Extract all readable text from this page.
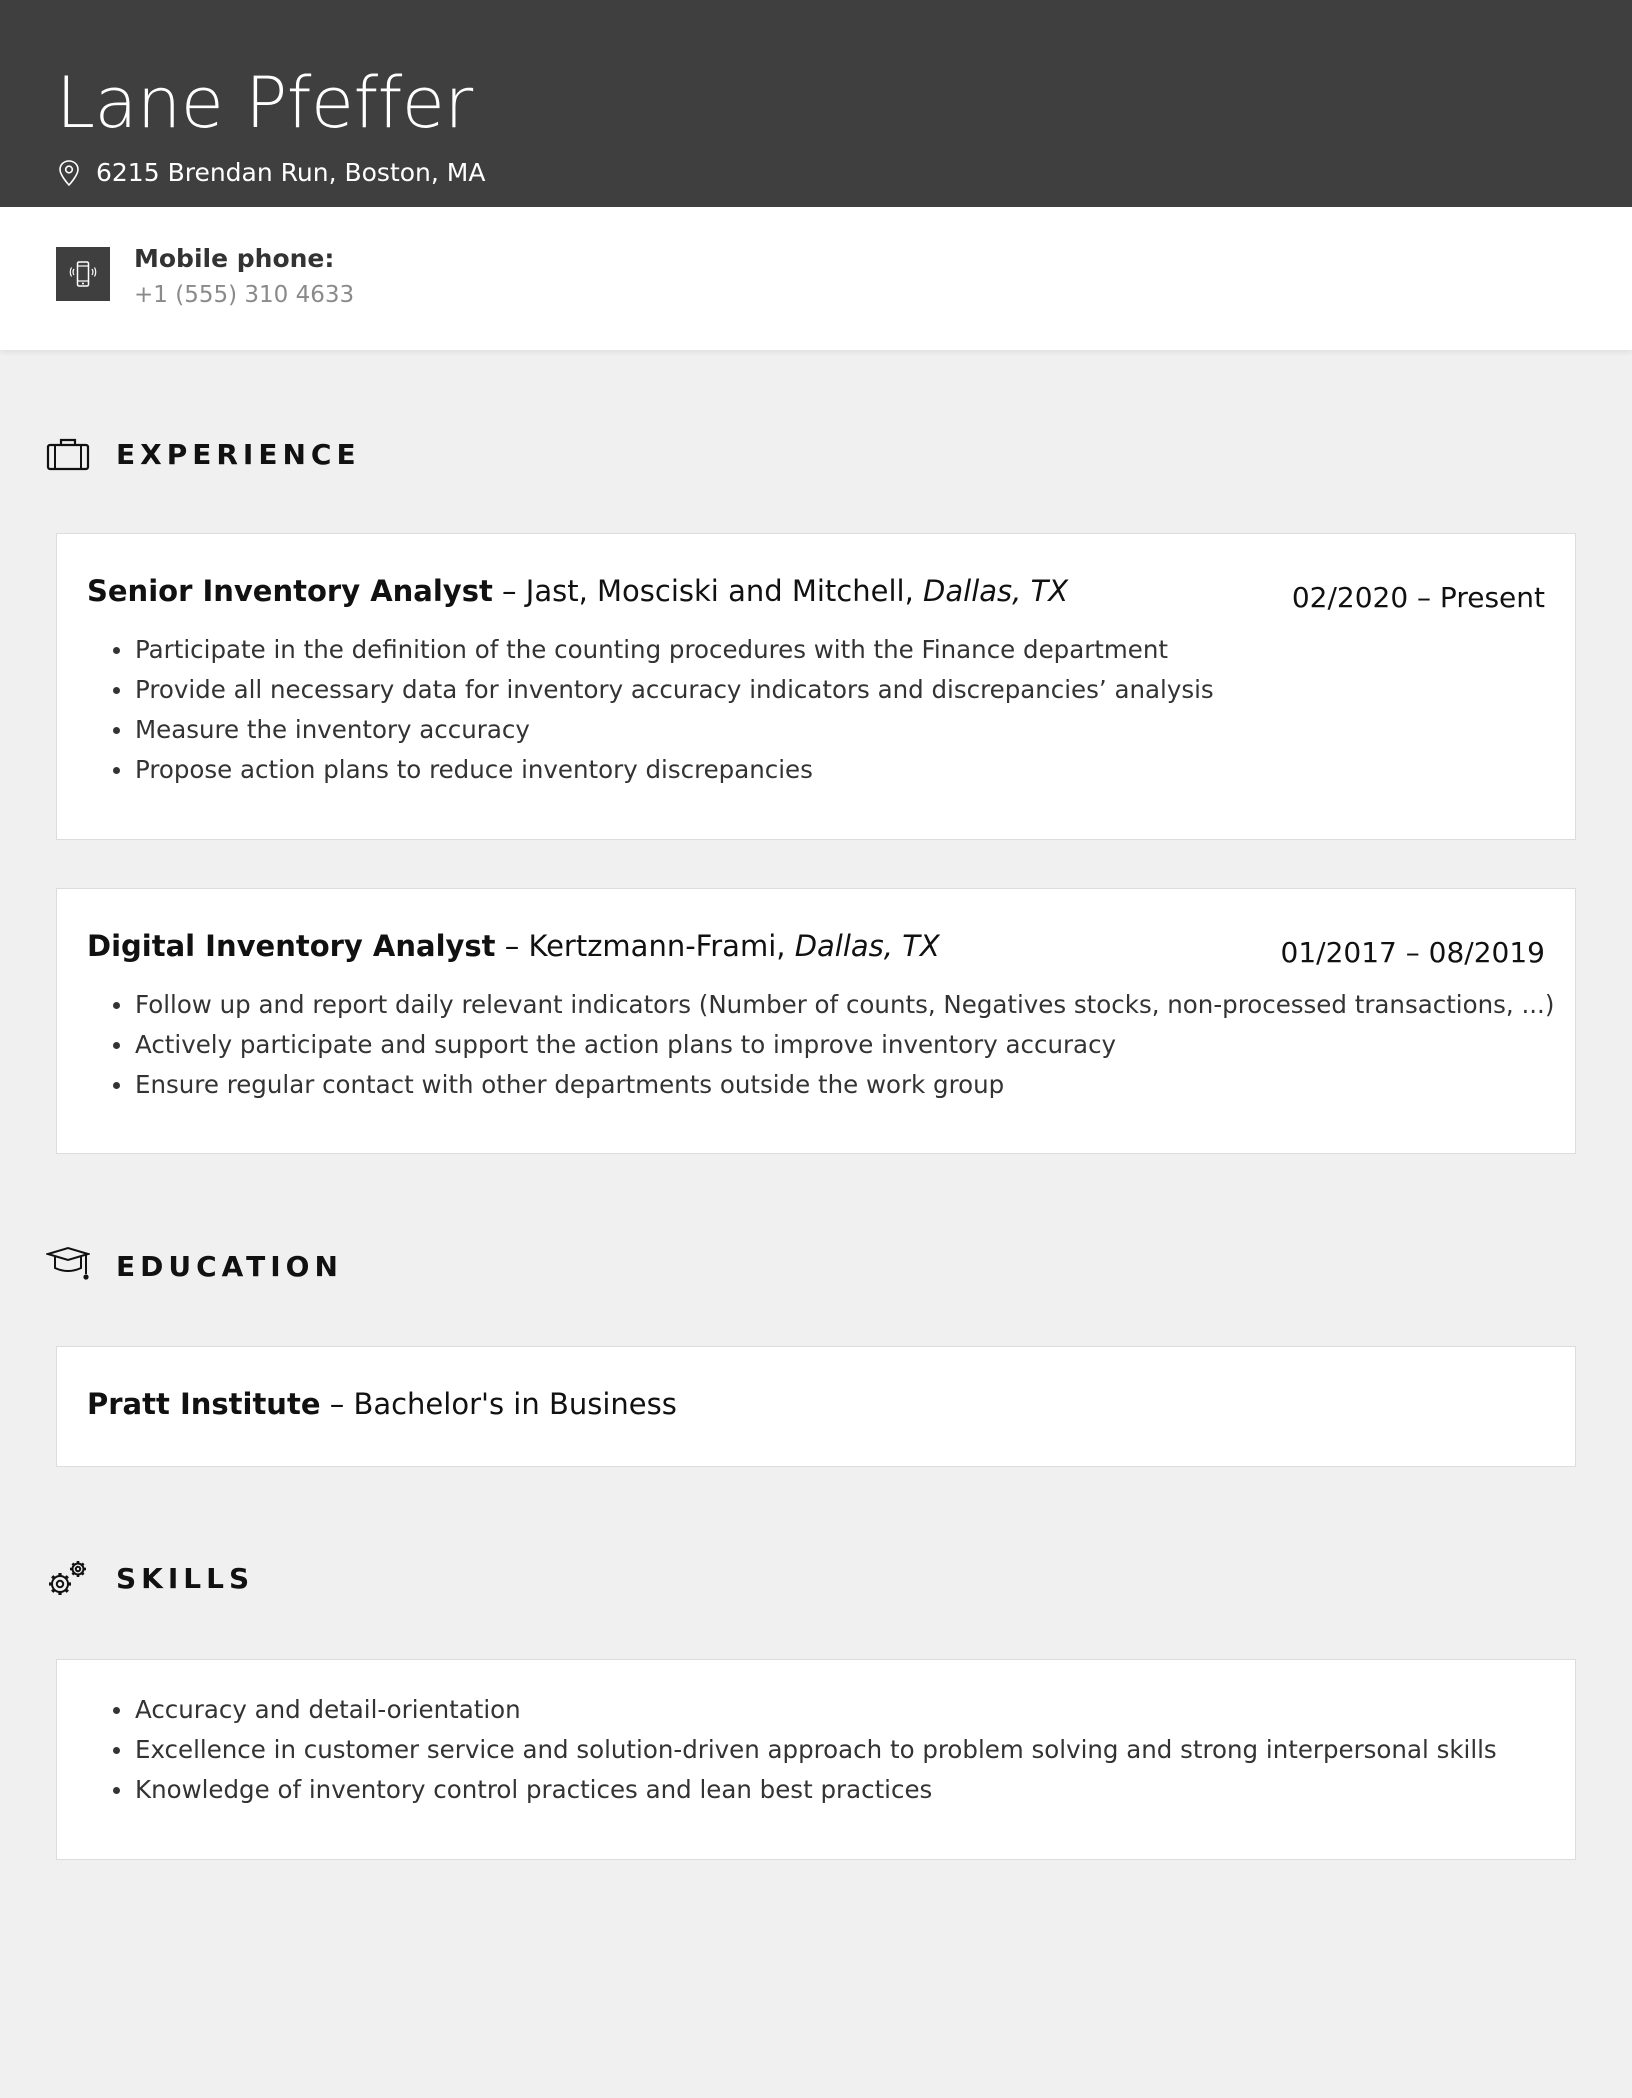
Lane Pfeffer
6215 Brendan Run, Boston, MA
Mobile phone:
+1 (555) 310 4633
EXPERIENCE
Senior Inventory Analyst – Jast, Mosciski and Mitchell, Dallas, TX	02/2020 – Present
Participate in the definition of the counting procedures with the Finance department
Provide all necessary data for inventory accuracy indicators and discrepancies’ analysis
Measure the inventory accuracy
Propose action plans to reduce inventory discrepancies
Digital Inventory Analyst – Kertzmann-Frami, Dallas, TX	01/2017 – 08/2019
Follow up and report daily relevant indicators (Number of counts, Negatives stocks, non-processed transactions, ...)
Actively participate and support the action plans to improve inventory accuracy
Ensure regular contact with other departments outside the work group
EDUCATION
Pratt Institute – Bachelor's in Business
SKILLS
Accuracy and detail-orientation
Excellence in customer service and solution-driven approach to problem solving and strong interpersonal skills
Knowledge of inventory control practices and lean best practices
